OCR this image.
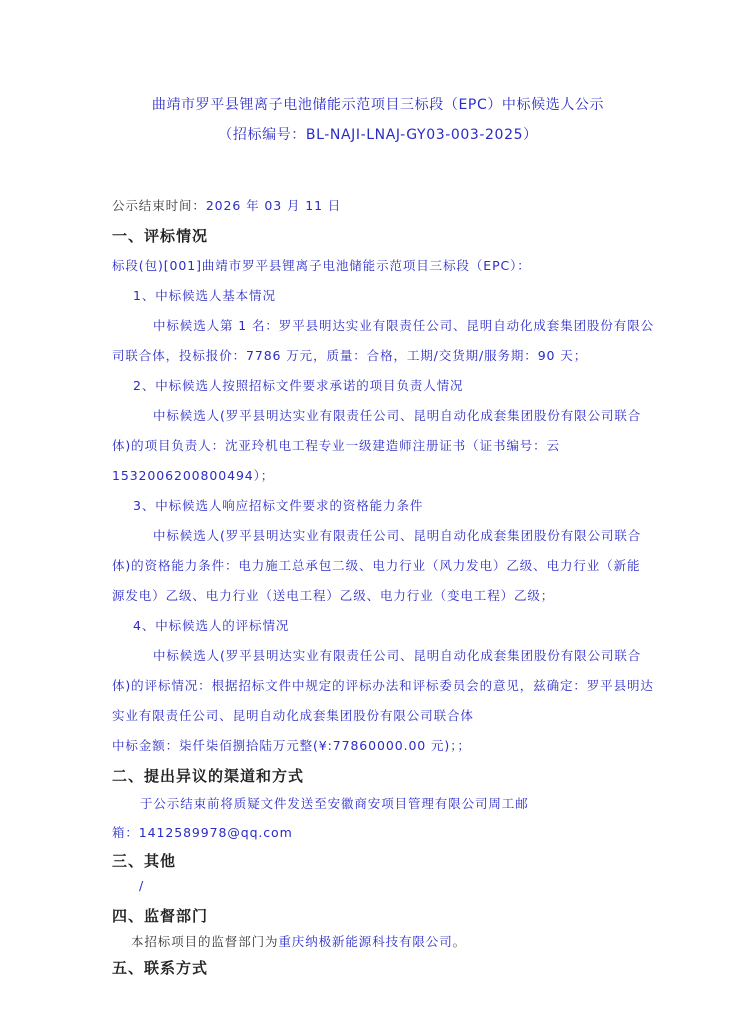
曲靖市罗平县锂离子电池储能示范项目三标段（EPC）中标候选人公示
（招标编号：BL-NAJI-LNAJ-GY03-003-2025）
公示结束时间：2026 年 03 月 11 日
一、评标情况
标段(包)[001]曲靖市罗平县锂离子电池储能示范项目三标段（EPC）：
1、中标候选人基本情况
中标候选人第 1 名：罗平县明达实业有限责任公司、昆明自动化成套集团股份有限公
司联合体，投标报价：7786 万元，质量：合格，工期/交货期/服务期：90 天；
2、中标候选人按照招标文件要求承诺的项目负责人情况
中标候选人(罗平县明达实业有限责任公司、昆明自动化成套集团股份有限公司联合
体)的项目负责人：沈亚玲机电工程专业一级建造师注册证书（证书编号：云
1532006200800494）；
3、中标候选人响应招标文件要求的资格能力条件
中标候选人(罗平县明达实业有限责任公司、昆明自动化成套集团股份有限公司联合
体)的资格能力条件：电力施工总承包二级、电力行业（风力发电）乙级、电力行业（新能
源发电）乙级、电力行业（送电工程）乙级、电力行业（变电工程）乙级；
4、中标候选人的评标情况
中标候选人(罗平县明达实业有限责任公司、昆明自动化成套集团股份有限公司联合
体)的评标情况：根据招标文件中规定的评标办法和评标委员会的意见，兹确定：罗平县明达
实业有限责任公司、昆明自动化成套集团股份有限公司联合体
中标金额：柒仟柒佰捌拾陆万元整(¥:77860000.00 元)；；
二、提出异议的渠道和方式
于公示结束前将质疑文件发送至安徽商安项目管理有限公司周工邮
箱：1412589978@qq.com
三、其他
/
四、监督部门
本招标项目的监督部门为重庆纳极新能源科技有限公司。
五、联系方式
